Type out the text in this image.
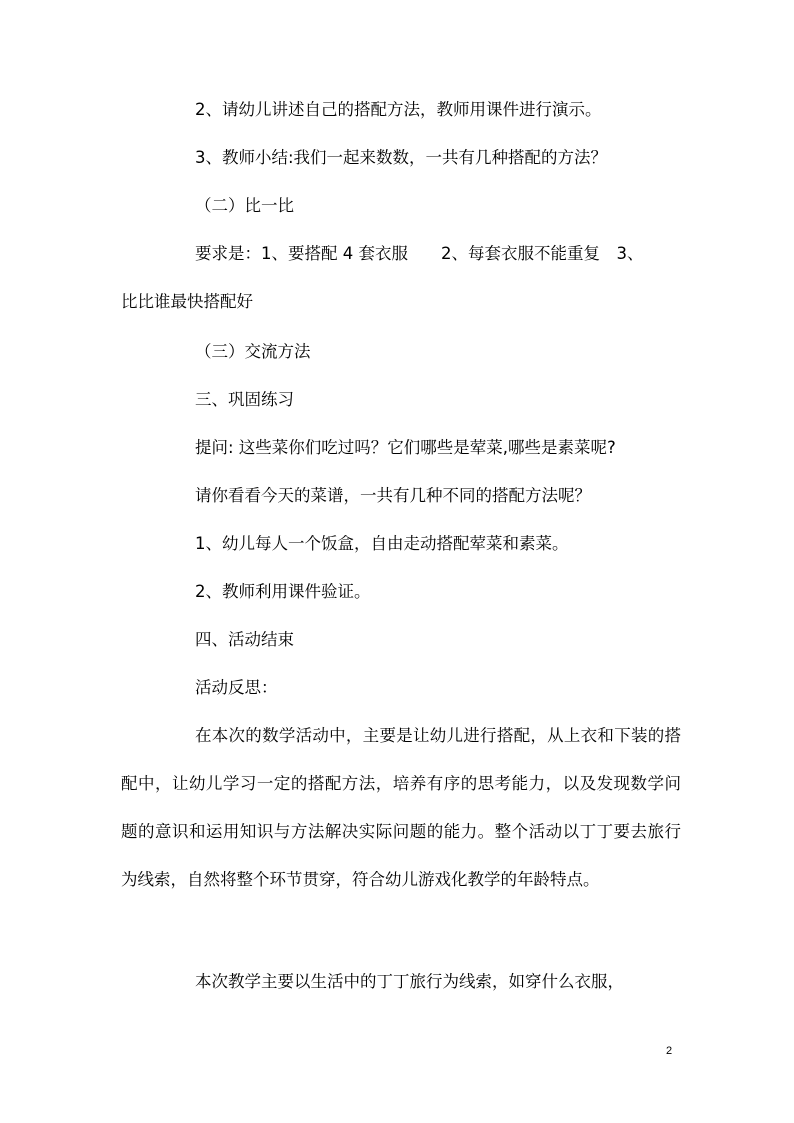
2、请幼儿讲述自己的搭配方法，教师用课件进行演示。
3、教师小结:我们一起来数数，一共有几种搭配的方法？
（二）比一比
要求是：1、要搭配 4 套衣服　　2、每套衣服不能重复　3、
比比谁最快搭配好
（三）交流方法
三、巩固练习
提问: 这些菜你们吃过吗？它们哪些是荤菜,哪些是素菜呢?
请你看看今天的菜谱，一共有几种不同的搭配方法呢？
1、幼儿每人一个饭盒，自由走动搭配荤菜和素菜。
2、教师利用课件验证。
四、活动结束
活动反思：
在本次的数学活动中，主要是让幼儿进行搭配，从上衣和下装的搭配中，让幼儿学习一定的搭配方法，培养有序的思考能力，以及发现数学问题的意识和运用知识与方法解决实际问题的能力。整个活动以丁丁要去旅行为线索，自然将整个环节贯穿，符合幼儿游戏化教学的年龄特点。
本次教学主要以生活中的丁丁旅行为线索，如穿什么衣服，
2
